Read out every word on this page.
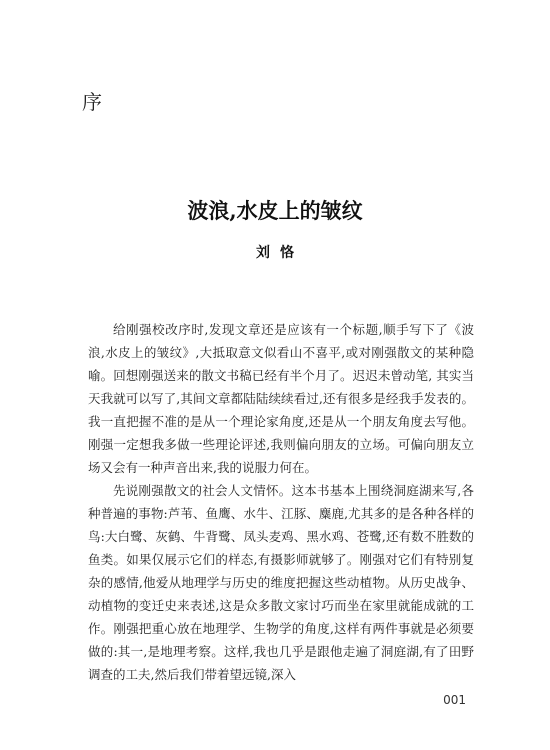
序
波浪,水皮上的皱纹
刘恪

给刚强校改序时,发现文章还是应该有一个标题,顺手写下了《波浪,水皮上的皱纹》,大抵取意文似看山不喜平,或对刚强散文的某种隐喻。回想刚强送来的散文书稿已经有半个月了。迟迟未曾动笔, 其实当天我就可以写了,其间文章都陆陆续续看过,还有很多是经我手发表的。我一直把握不准的是从一个理论家角度,还是从一个朋友角度去写他。刚强一定想我多做一些理论评述,我则偏向朋友的立场。可偏向朋友立场又会有一种声音出来,我的说服力何在。

先说刚强散文的社会人文情怀。这本书基本上围绕洞庭湖来写,各种普遍的事物:芦苇、鱼鹰、水牛、江豚、麋鹿,尤其多的是各种各样的鸟:大白鹭、灰鹤、牛背鹭、凤头麦鸡、黑水鸡、苍鹭,还有数不胜数的鱼类。如果仅展示它们的样态,有摄影师就够了。刚强对它们有特别复杂的感情,他爱从地理学与历史的维度把握这些动植物。从历史战争、动植物的变迁史来表述,这是众多散文家讨巧而坐在家里就能成就的工作。刚强把重心放在地理学、生物学的角度,这样有两件事就是必须要做的:其一,是地理考察。这样,我也几乎是跟他走遍了洞庭湖,有了田野调查的工夫,然后我们带着望远镜,深入

001
